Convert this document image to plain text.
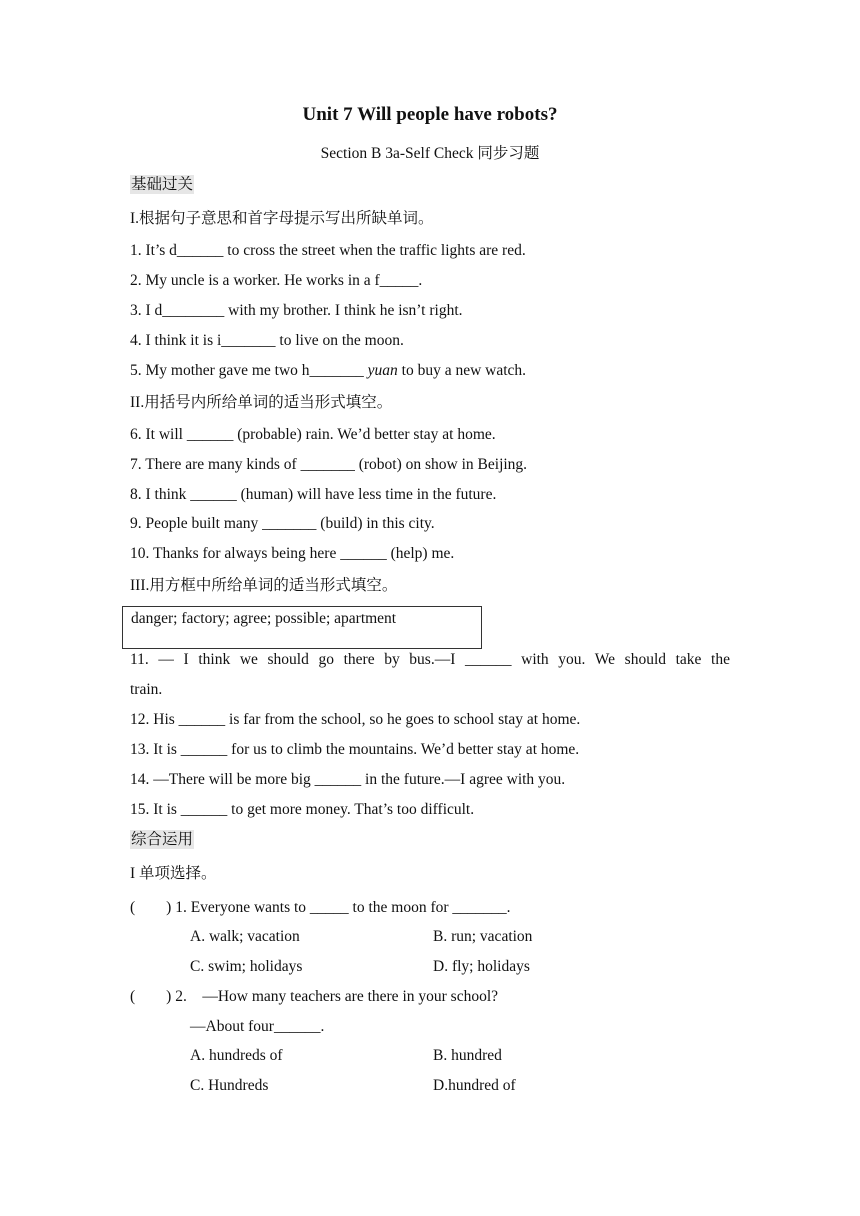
Unit 7 Will people have robots?
Section B 3a-Self Check 同步习题
基础过关
I.根据句子意思和首字母提示写出所缺单词。
1. It’s d______ to cross the street when the traffic lights are red.
2. My uncle is a worker. He works in a f_____.
3. I d________ with my brother. I think he isn’t right.
4. I think it is i_______ to live on the moon.
5. My mother gave me two h_______ yuan to buy a new watch.
II.用括号内所给单词的适当形式填空。
6. It will ______ (probable) rain. We’d better stay at home.
7. There are many kinds of _______ (robot) on show in Beijing.
8. I think ______ (human) will have less time in the future.
9. People built many _______ (build) in this city.
10. Thanks for always being here ______ (help) me.
III.用方框中所给单词的适当形式填空。
danger; factory; agree; possible; apartment
11. — I think we should go there by bus.—I ______ with you. We should take the
train.
12. His ______ is far from the school, so he goes to school stay at home.
13. It is ______ for us to climb the mountains. We’d better stay at home.
14. —There will be more big ______ in the future.—I agree with you.
15. It is ______ to get more money. That’s too difficult.
综合运用
I 单项选择。
(        ) 1. Everyone wants to _____ to the moon for _______.
A. walk; vacation	B. run; vacation
C. swim; holidays	D. fly; holidays
(        ) 2.    —How many teachers are there in your school?
—About four______.
A. hundreds of	B. hundred
C. Hundreds	D.hundred of
